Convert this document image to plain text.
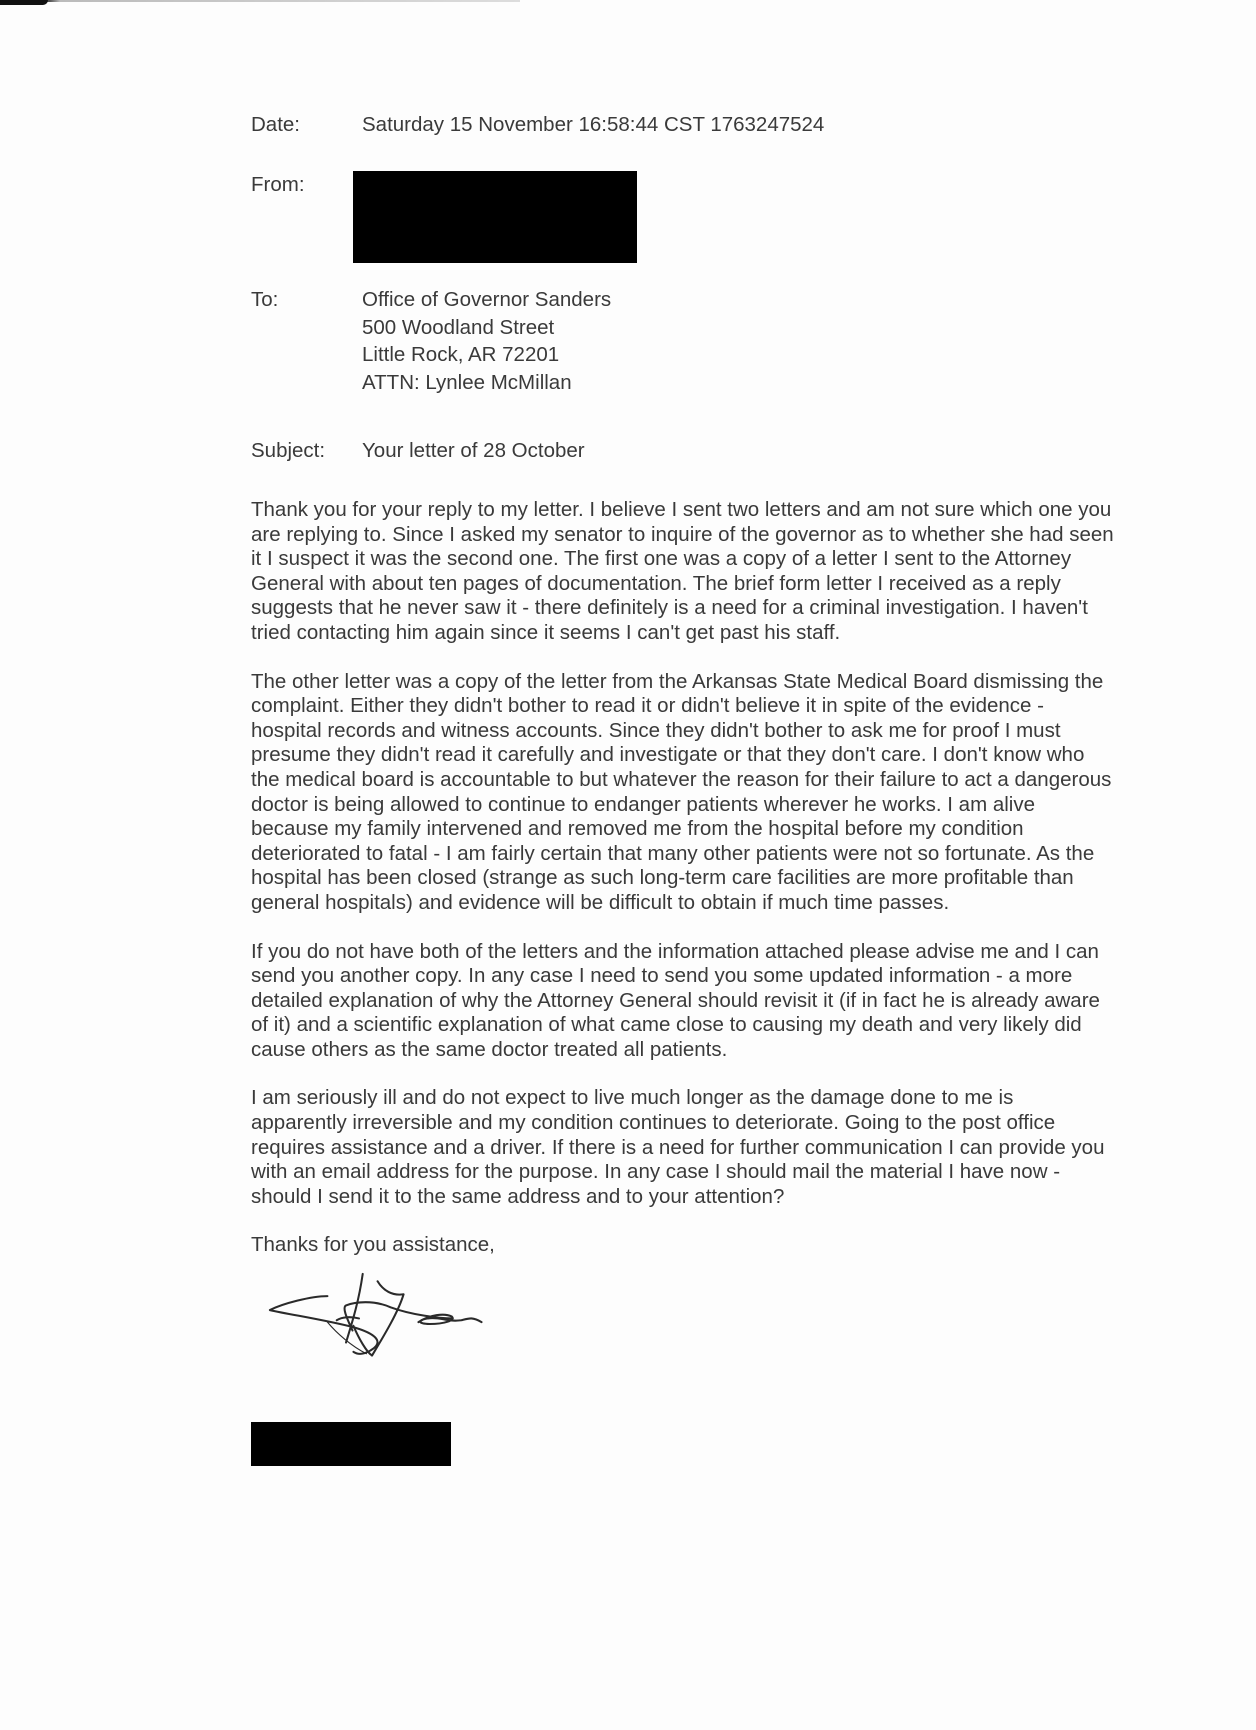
Date:	Saturday 15 November 16:58:44 CST 1763247524
From:
To:	Office of Governor Sanders
500 Woodland Street
Little Rock, AR 72201
ATTN: Lynlee McMillan
Subject: Your letter of 28 October

Thank you for your reply to my letter. I believe I sent two letters and am not sure which one you
are replying to. Since I asked my senator to inquire of the governor as to whether she had seen
it I suspect it was the second one. The first one was a copy of a letter I sent to the Attorney
General with about ten pages of documentation. The brief form letter I received as a reply
suggests that he never saw it - there definitely is a need for a criminal investigation. I haven't
tried contacting him again since it seems I can't get past his staff.

The other letter was a copy of the letter from the Arkansas State Medical Board dismissing the
complaint. Either they didn't bother to read it or didn't believe it in spite of the evidence -
hospital records and witness accounts. Since they didn't bother to ask me for proof I must
presume they didn't read it carefully and investigate or that they don't care. I don't know who
the medical board is accountable to but whatever the reason for their failure to act a dangerous
doctor is being allowed to continue to endanger patients wherever he works. I am alive
because my family intervened and removed me from the hospital before my condition
deteriorated to fatal - I am fairly certain that many other patients were not so fortunate. As the
hospital has been closed (strange as such long-term care facilities are more profitable than
general hospitals) and evidence will be difficult to obtain if much time passes.

If you do not have both of the letters and the information attached please advise me and I can
send you another copy. In any case I need to send you some updated information - a more
detailed explanation of why the Attorney General should revisit it (if in fact he is already aware
of it) and a scientific explanation of what came close to causing my death and very likely did
cause others as the same doctor treated all patients.

I am seriously ill and do not expect to live much longer as the damage done to me is
apparently irreversible and my condition continues to deteriorate. Going to the post office
requires assistance and a driver. If there is a need for further communication I can provide you
with an email address for the purpose. In any case I should mail the material I have now -
should I send it to the same address and to your attention?

Thanks for you assistance,
